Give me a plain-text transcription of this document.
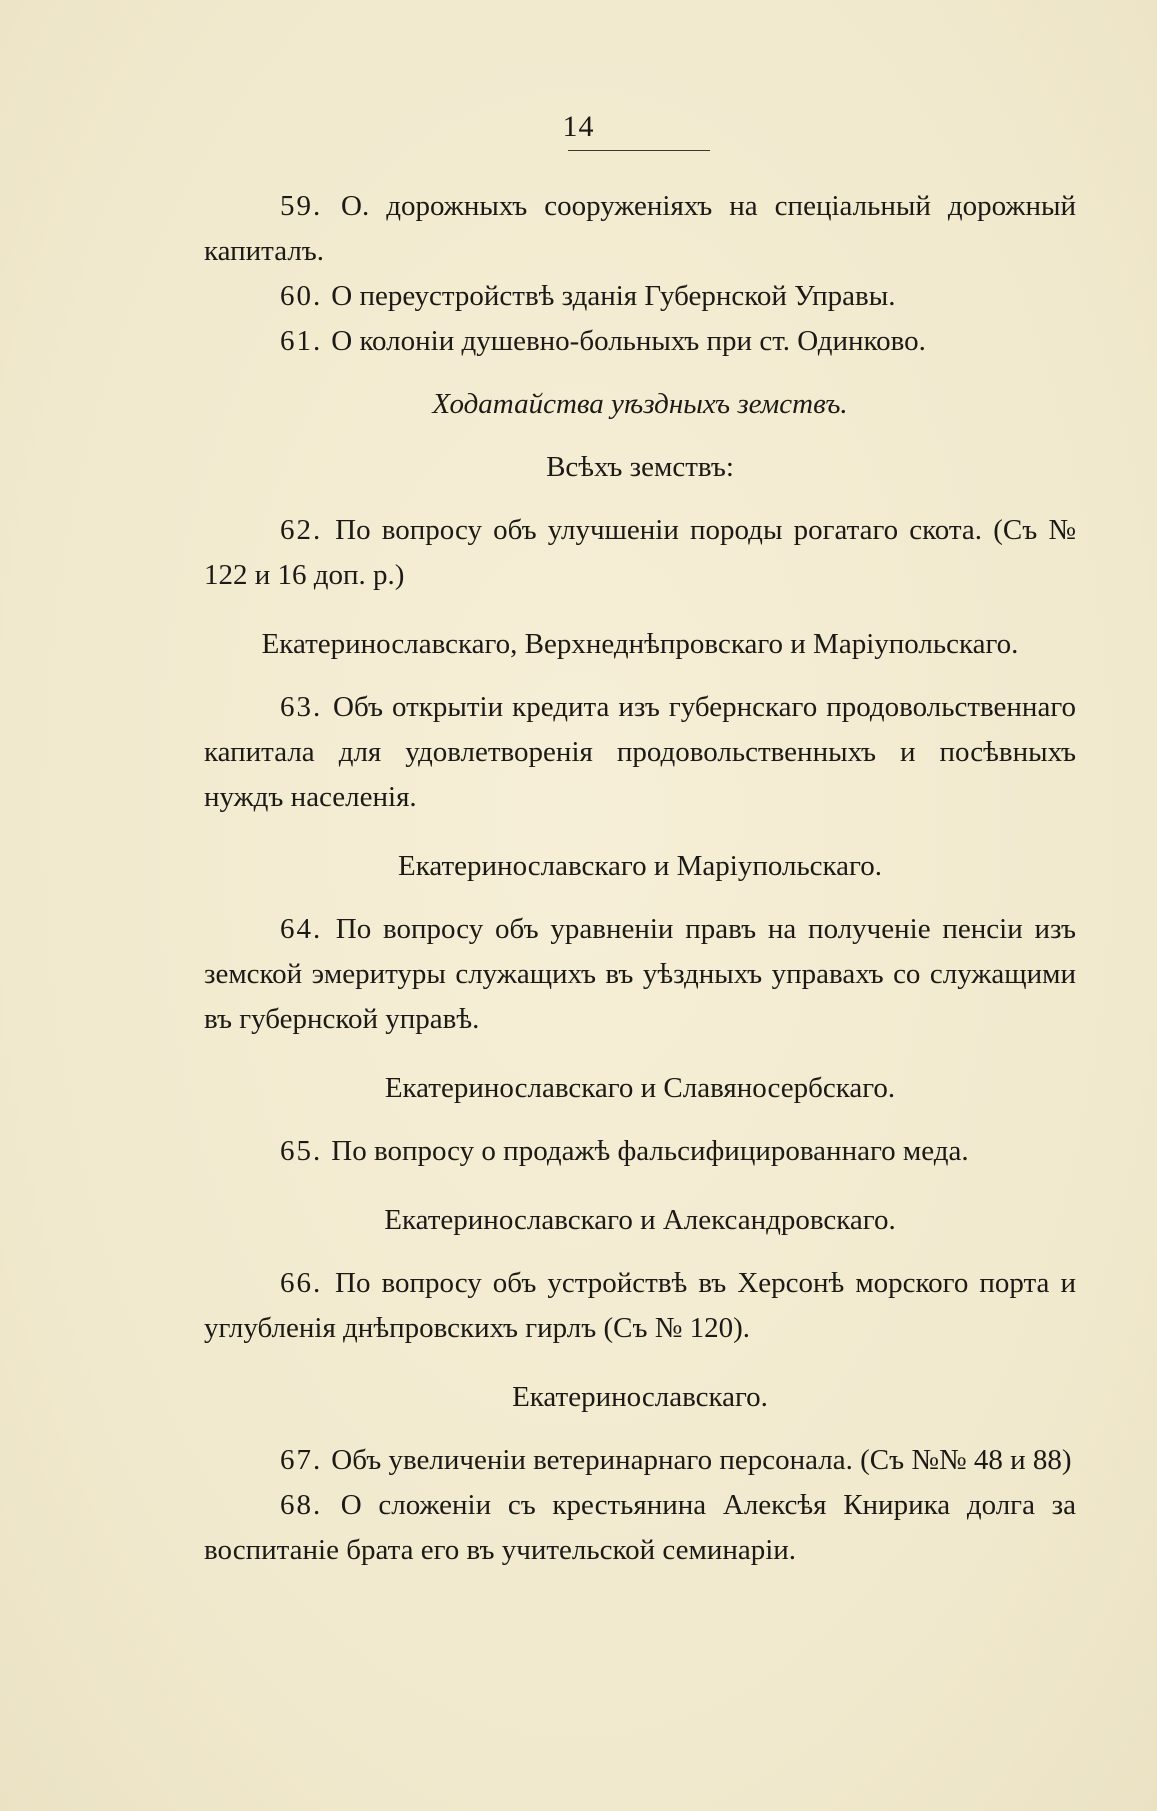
14

59. О. дорожныхъ сооруженіяхъ на спеціальный дорожный капиталъ.

60. О переустройствѣ зданія Губернской Управы.

61. О колоніи душевно-больныхъ при ст. Одинково.

Ходатайства уѣздныхъ земствъ.

Всѣхъ земствъ:

62. По вопросу объ улучшеніи породы рогатаго скота. (Съ № 122 и 16 доп. р.)

Екатеринославскаго, Верхнеднѣпровскаго и Маріупольскаго.

63. Объ открытіи кредита изъ губернскаго продовольственнаго капитала для удовлетворенія продовольственныхъ и посѣвныхъ нуждъ населенія.

Екатеринославскаго и Маріупольскаго.

64. По вопросу объ уравненіи правъ на полученіе пенсіи изъ земской эмеритуры служащихъ въ уѣздныхъ управахъ со служащими въ губернской управѣ.

Екатеринославскаго и Славяносербскаго.

65. По вопросу о продажѣ фальсифицированнаго меда.

Екатеринославскаго и Александровскаго.

66. По вопросу объ устройствѣ въ Херсонѣ морского порта и углубленія днѣпровскихъ гирлъ (Съ № 120).

Екатеринославскаго.

67. Объ увеличеніи ветеринарнаго персонала. (Съ №№ 48 и 88)

68. О сложеніи съ крестьянина Алексѣя Книрика долга за воспитаніе брата его въ учительской семинаріи.
